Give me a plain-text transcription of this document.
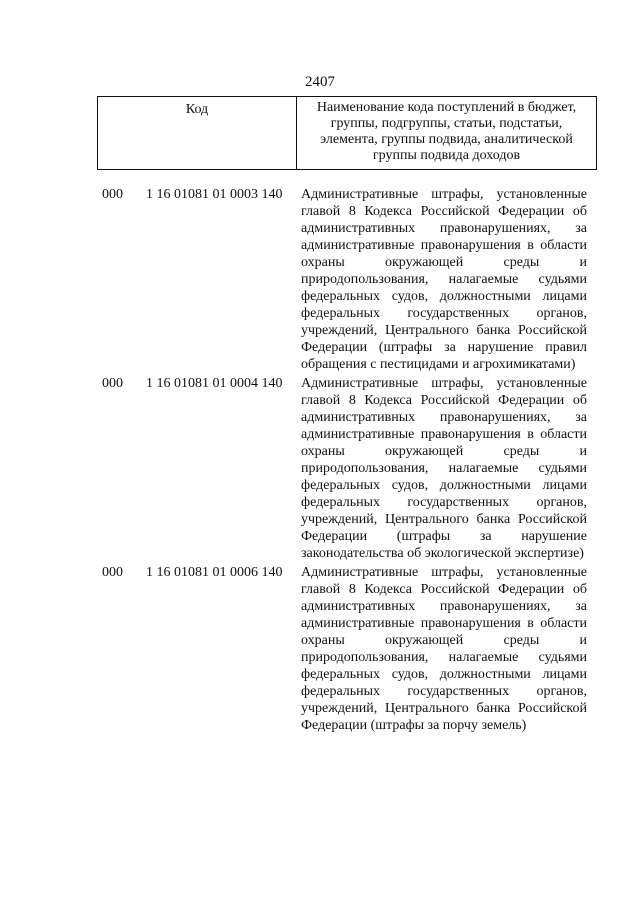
2407
Код	Наименование кода поступлений в бюджет, группы, подгруппы, статьи, подстатьи, элемента, группы подвида, аналитической группы подвида доходов
000 1 16 01081 01 0003 140 Административные штрафы, установленные главой 8 Кодекса Российской Федерации об административных правонарушениях, за административные правонарушения в области охраны окружающей среды и природопользования, налагаемые судьями федеральных судов, должностными лицами федеральных государственных органов, учреждений, Центрального банка Российской Федерации (штрафы за нарушение правил обращения с пестицидами и агрохимикатами)
000 1 16 01081 01 0004 140 Административные штрафы, установленные главой 8 Кодекса Российской Федерации об административных правонарушениях, за административные правонарушения в области охраны окружающей среды и природопользования, налагаемые судьями федеральных судов, должностными лицами федеральных государственных органов, учреждений, Центрального банка Российской Федерации (штрафы за нарушение законодательства об экологической экспертизе)
000 1 16 01081 01 0006 140 Административные штрафы, установленные главой 8 Кодекса Российской Федерации об административных правонарушениях, за административные правонарушения в области охраны окружающей среды и природопользования, налагаемые судьями федеральных судов, должностными лицами федеральных государственных органов, учреждений, Центрального банка Российской Федерации (штрафы за порчу земель)
